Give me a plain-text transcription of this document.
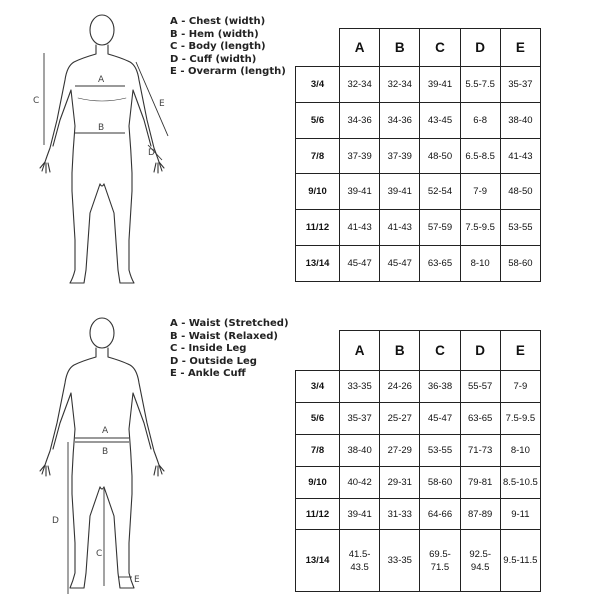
A
B
C
D
E
A - Chest (width)
B - Hem (width)
C - Body (length)
D - Cuff (width)
E - Overarm (length)
	A	B	C	D	E
3/4	32-34	32-34	39-41	5.5-7.5	35-37
5/6	34-36	34-36	43-45	6-8	38-40
7/8	37-39	37-39	48-50	6.5-8.5	41-43
9/10	39-41	39-41	52-54	7-9	48-50
11/12	41-43	41-43	57-59	7.5-9.5	53-55
13/14	45-47	45-47	63-65	8-10	58-60
A
B
C
D
E
A - Waist (Stretched)
B - Waist (Relaxed)
C - Inside Leg
D - Outside Leg
E - Ankle Cuff
	A	B	C	D	E
3/4	33-35	24-26	36-38	55-57	7-9
5/6	35-37	25-27	45-47	63-65	7.5-9.5
7/8	38-40	27-29	53-55	71-73	8-10
9/10	40-42	29-31	58-60	79-81	8.5-10.5
11/12	39-41	31-33	64-66	87-89	9-11
13/14	41.5-43.5	33-35	69.5-71.5	92.5-94.5	9.5-11.5
